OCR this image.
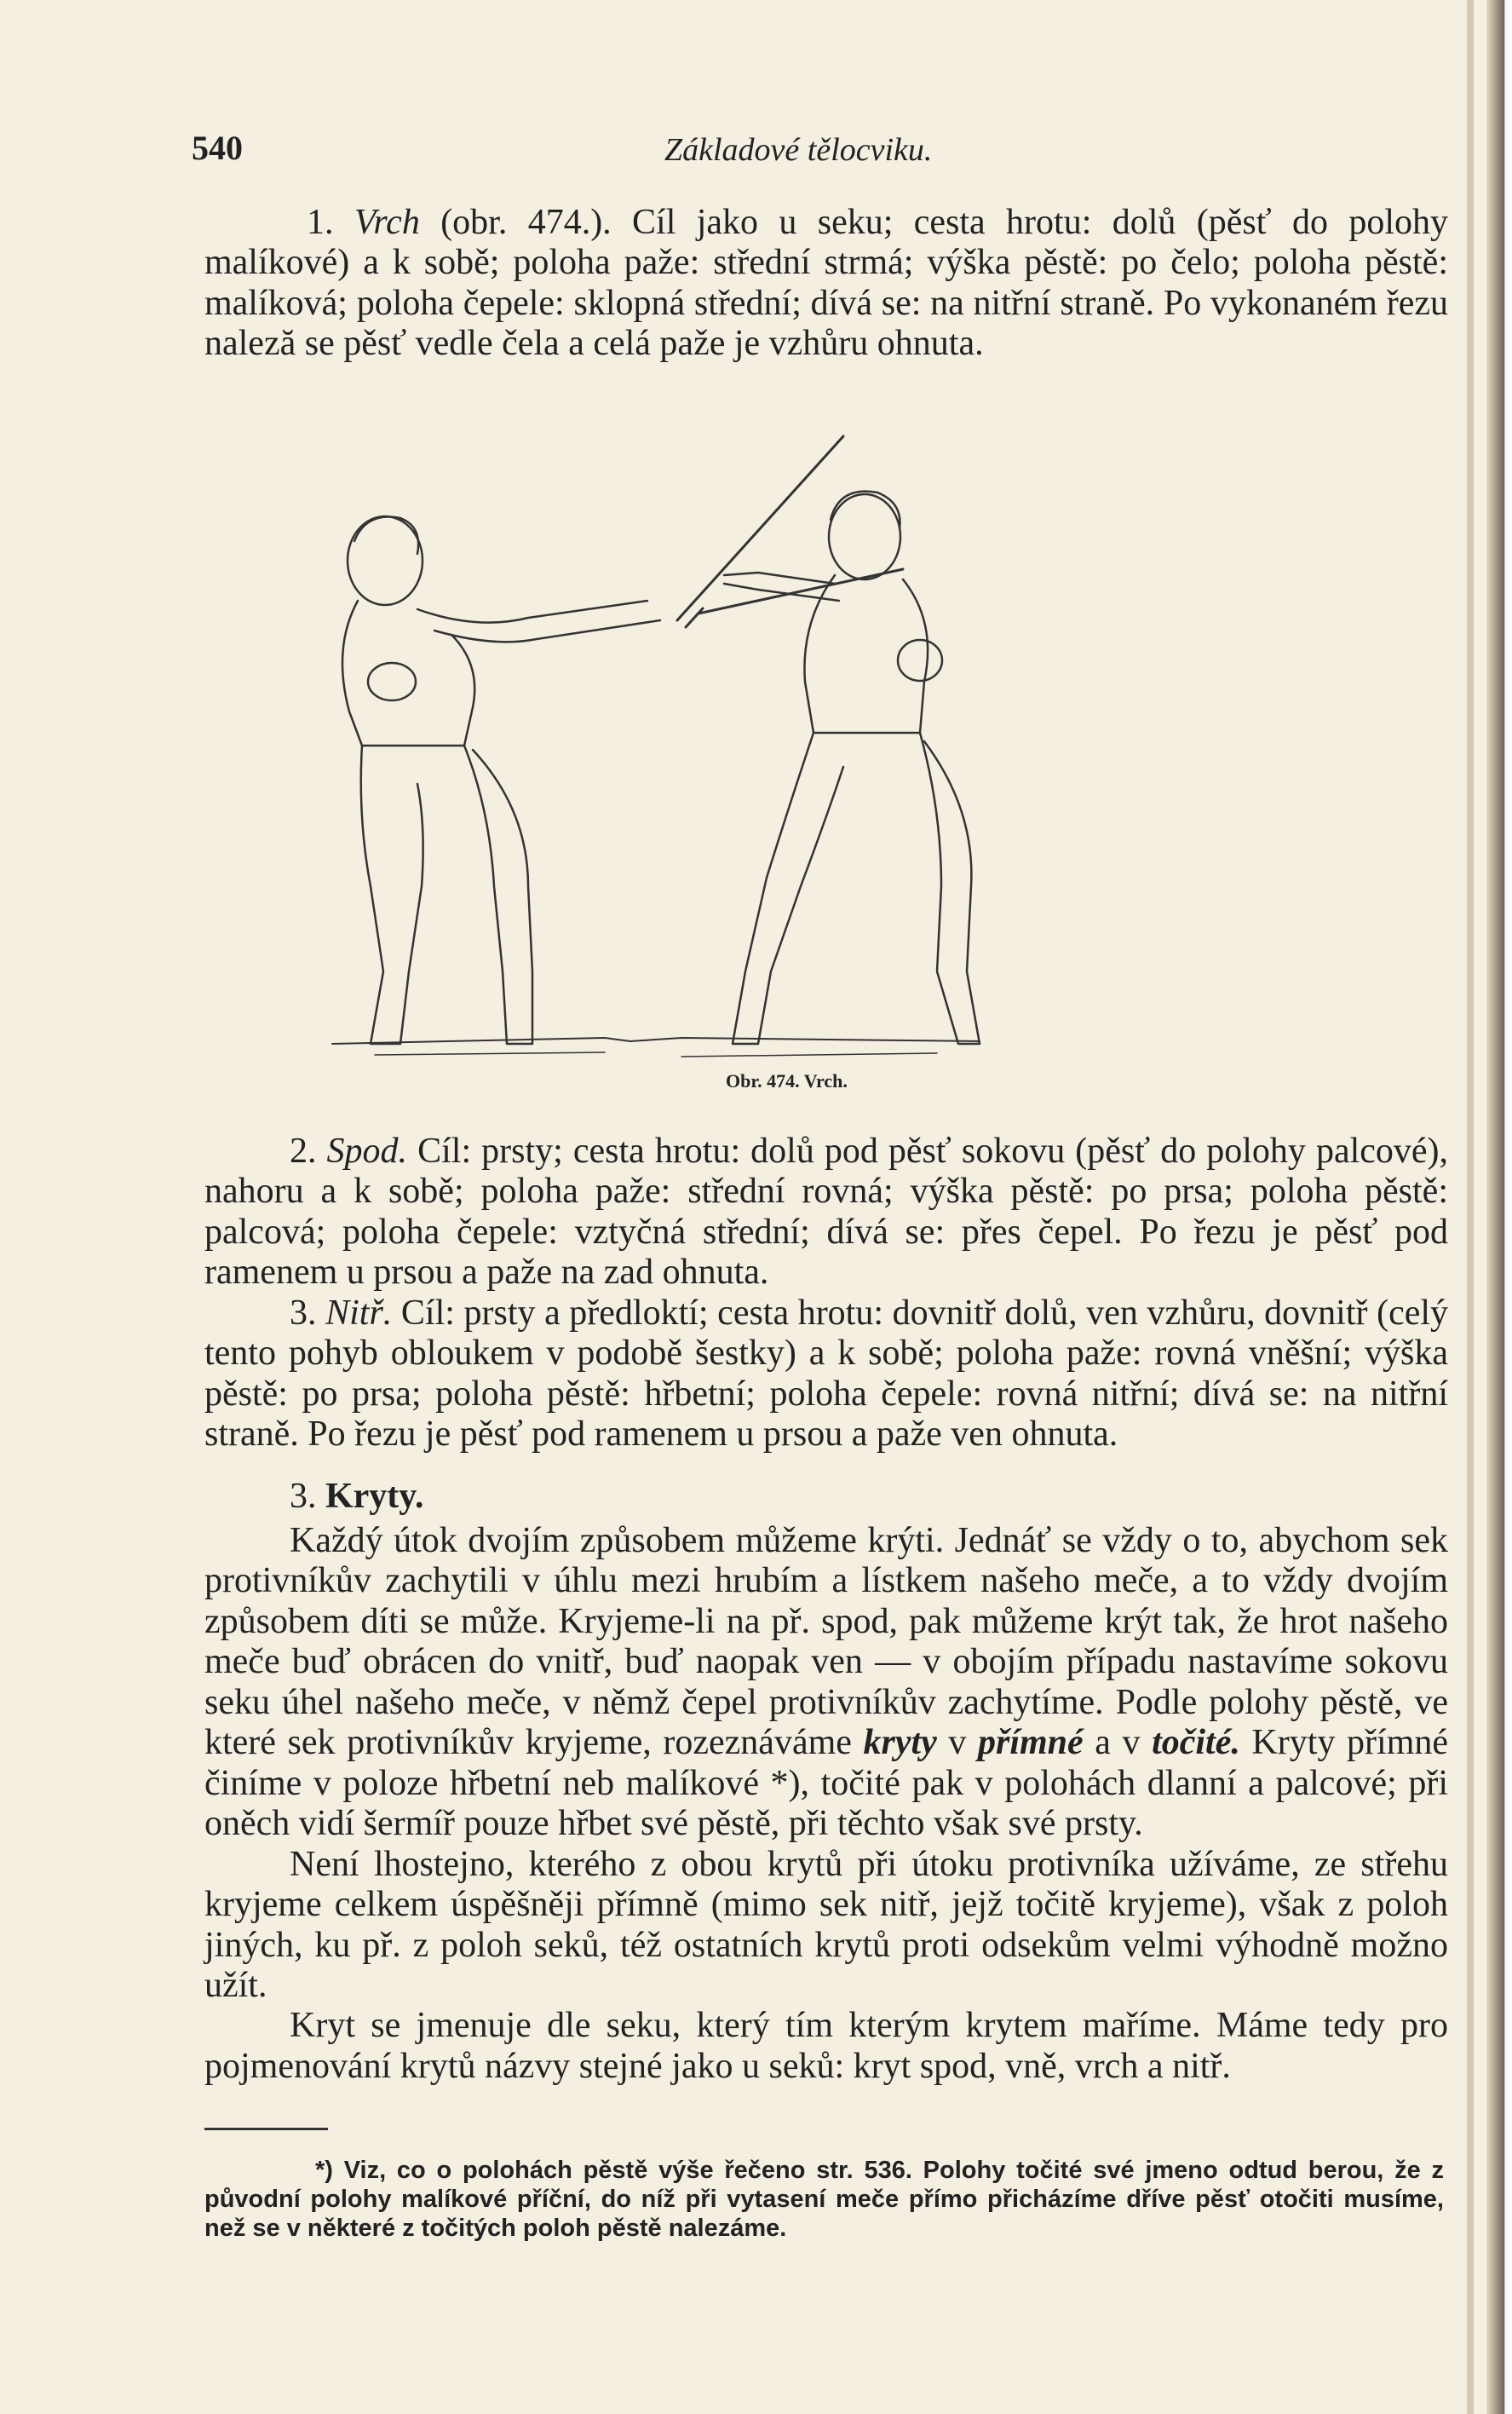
540	Základové tělocviku.

1. Vrch (obr. 474.). Cíl jako u seku; cesta hrotu: dolů (pěsť do polohy malíkové) a k sobě; poloha paže: střední strmá; výška pěstě: po čelo; poloha pěstě: malíková; poloha čepele: sklopná střední; dívá se: na nitřní straně. Po vykonaném řezu naleză se pěsť vedle čela a celá paže je vzhůru ohnuta.

Obr. 474. Vrch.

2. Spod. Cíl: prsty; cesta hrotu: dolů pod pěsť sokovu (pěsť do polohy palcové), nahoru a k sobě; poloha paže: střední rovná; výška pěstě: po prsa; poloha pěstě: palcová; poloha čepele: vztyčná střední; dívá se: přes čepel. Po řezu je pěsť pod ramenem u prsou a paže na zad ohnuta.

3. Nitř. Cíl: prsty a předloktí; cesta hrotu: dovnitř dolů, ven vzhůru, dovnitř (celý tento pohyb obloukem v podobě šestky) a k sobě; poloha paže: rovná vněšní; výška pěstě: po prsa; poloha pěstě: hřbetní; poloha čepele: rovná nitřní; dívá se: na nitřní straně. Po řezu je pěsť pod ramenem u prsou a paže ven ohnuta.

3. Kryty.

Každý útok dvojím způsobem můžeme krýti. Jednáť se vždy o to, abychom sek protivníkův zachytili v úhlu mezi hrubím a lístkem našeho meče, a to vždy dvojím způsobem díti se může. Kryjeme-li na př. spod, pak můžeme krýt tak, že hrot našeho meče buď obrácen do vnitř, buď naopak ven — v obojím případu nastavíme sokovu seku úhel našeho meče, v němž čepel protivníkův zachytíme. Podle polohy pěstě, ve které sek protivníkův kryjeme, rozeznáváme kryty v přímné a v točité. Kryty přímné činíme v poloze hřbetní neb malíkové *), točité pak v polohách dlanní a palcové; při oněch vidí šermíř pouze hřbet své pěstě, při těchto však své prsty.

Není lhostejno, kterého z obou krytů při útoku protivníka užíváme, ze střehu kryjeme celkem úspěšněji přímně (mimo sek nitř, jejž točitě kryjeme), však z poloh jiných, ku př. z poloh seků, též ostatních krytů proti odsekům velmi výhodně možno užít.

Kryt se jmenuje dle seku, který tím kterým krytem maříme. Máme tedy pro pojmenování krytů názvy stejné jako u seků: kryt spod, vně, vrch a nitř.

*) Viz, co o polohách pěstě výše řečeno str. 536. Polohy točité své jmeno odtud berou, že z původní polohy malíkové příční, do níž při vytasení meče přímo přicházíme dříve pěsť otočiti musíme, než se v některé z točitých poloh pěstě nalezáme.
